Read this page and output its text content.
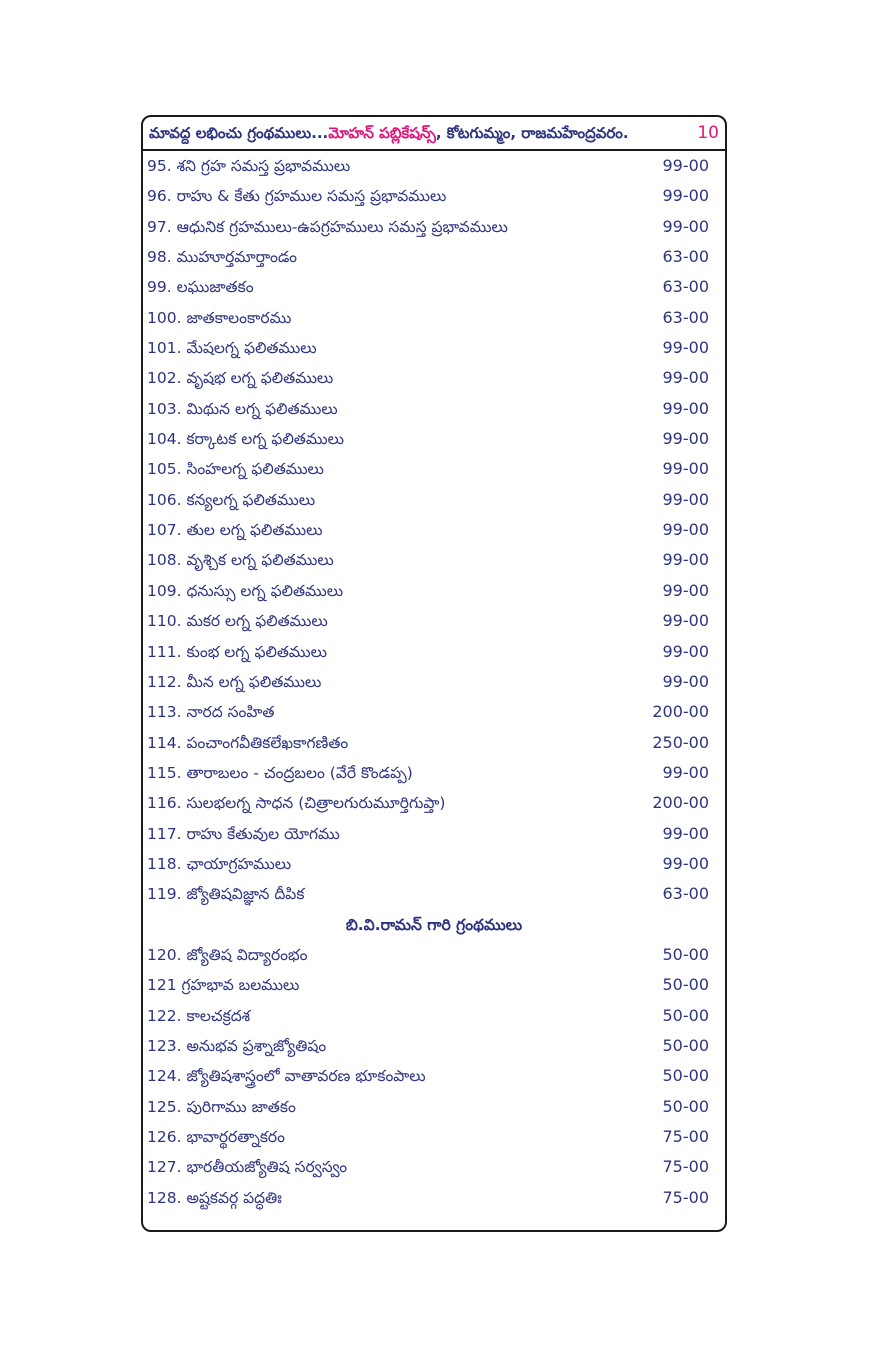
మావద్ద లభించు గ్రంథములు...మోహన్ పబ్లికేషన్స్, కోటగుమ్మం, రాజమహేంద్రవరం.	10
95. శని గ్రహ సమస్త ప్రభావములు	99-00
96. రాహు & కేతు గ్రహముల సమస్త ప్రభావములు	99-00
97. ఆధునిక గ్రహములు-ఉపగ్రహములు సమస్త ప్రభావములు	99-00
98. ముహూర్తమార్తాండం	63-00
99. లఘుజాతకం	63-00
100. జాతకాలంకారము	63-00
101. మేషలగ్న ఫలితములు	99-00
102. వృషభ లగ్న ఫలితములు	99-00
103. మిథున లగ్న ఫలితములు	99-00
104. కర్కాటక లగ్న ఫలితములు	99-00
105. సింహలగ్న ఫలితములు	99-00
106. కన్యలగ్న ఫలితములు	99-00
107. తుల లగ్న ఫలితములు	99-00
108. వృశ్చిక లగ్న ఫలితములు	99-00
109. ధనుస్సు లగ్న ఫలితములు	99-00
110. మకర లగ్న ఫలితములు	99-00
111. కుంభ లగ్న ఫలితములు	99-00
112. మీన లగ్న ఫలితములు	99-00
113. నారద సంహిత	200-00
114. పంచాంగవీతికలేఖకాగణితం	250-00
115. తారాబలం - చంద్రబలం (వేరే కొండప్ప)	99-00
116. సులభలగ్న సాధన (చిత్రాలగురుమూర్తిగుప్తా)	200-00
117. రాహు కేతువుల యోగము	99-00
118. ఛాయాగ్రహములు	99-00
119. జ్యోతిషవిజ్ఞాన దీపిక	63-00
బి.వి.రామన్ గారి గ్రంథములు
120. జ్యోతిష విద్యారంభం	50-00
121 గ్రహభావ బలములు	50-00
122. కాలచక్రదశ	50-00
123. అనుభవ ప్రశ్నాజ్యోతిషం	50-00
124. జ్యోతిషశాస్త్రంలో వాతావరణ భూకంపాలు	50-00
125. పురిగాము జాతకం	50-00
126. భావార్థరత్నాకరం	75-00
127. భారతీయజ్యోతిష సర్వస్వం	75-00
128. అష్టకవర్గ పద్ధతిః	75-00
